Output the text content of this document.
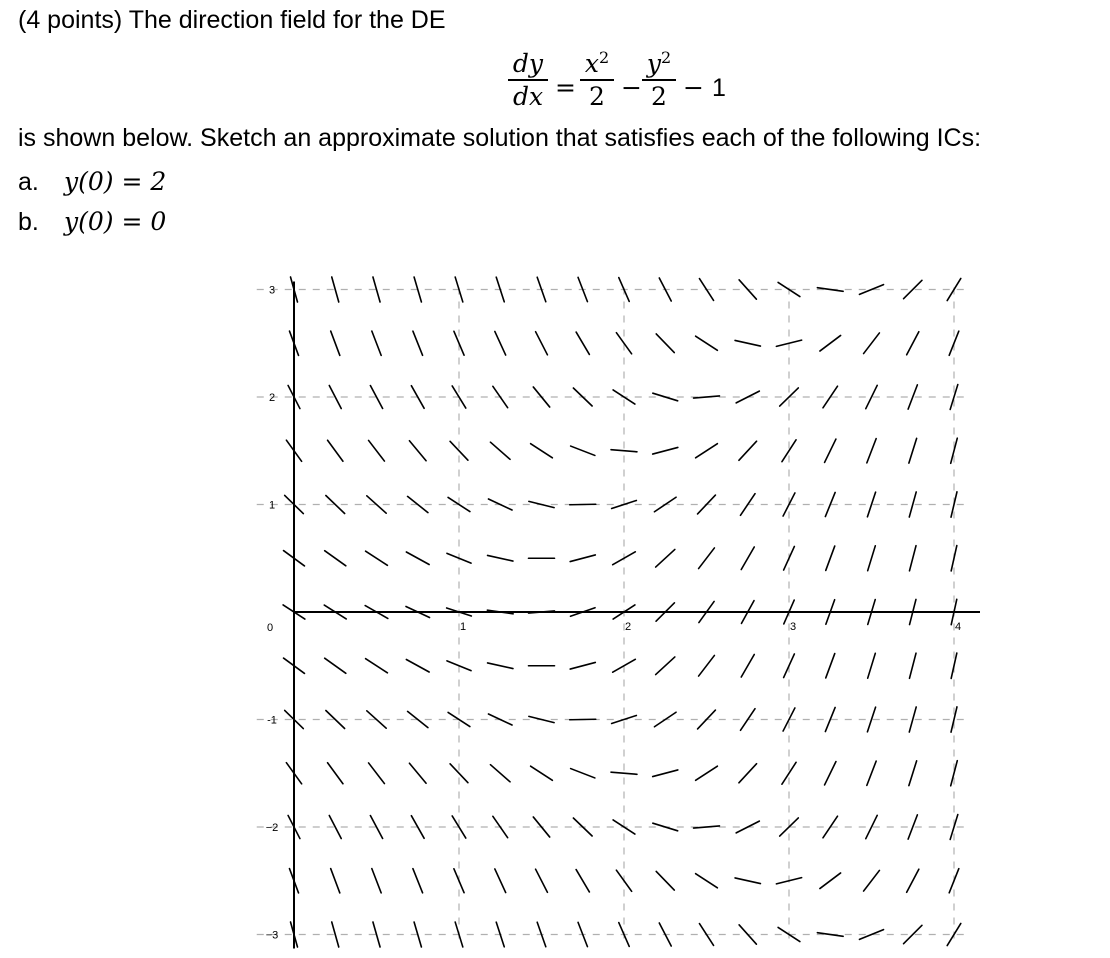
(4 points) The direction field for the DE
$\frac{dy}{dx} = \frac{x^2}{2} - \frac{y^2}{2} - 1$
is shown below. Sketch an approximate solution that satisfies each of the following ICs:
a. y(0) = 2
b. y(0) = 0
1	2	3	4
0
3
2
1
-1
−2
−3
